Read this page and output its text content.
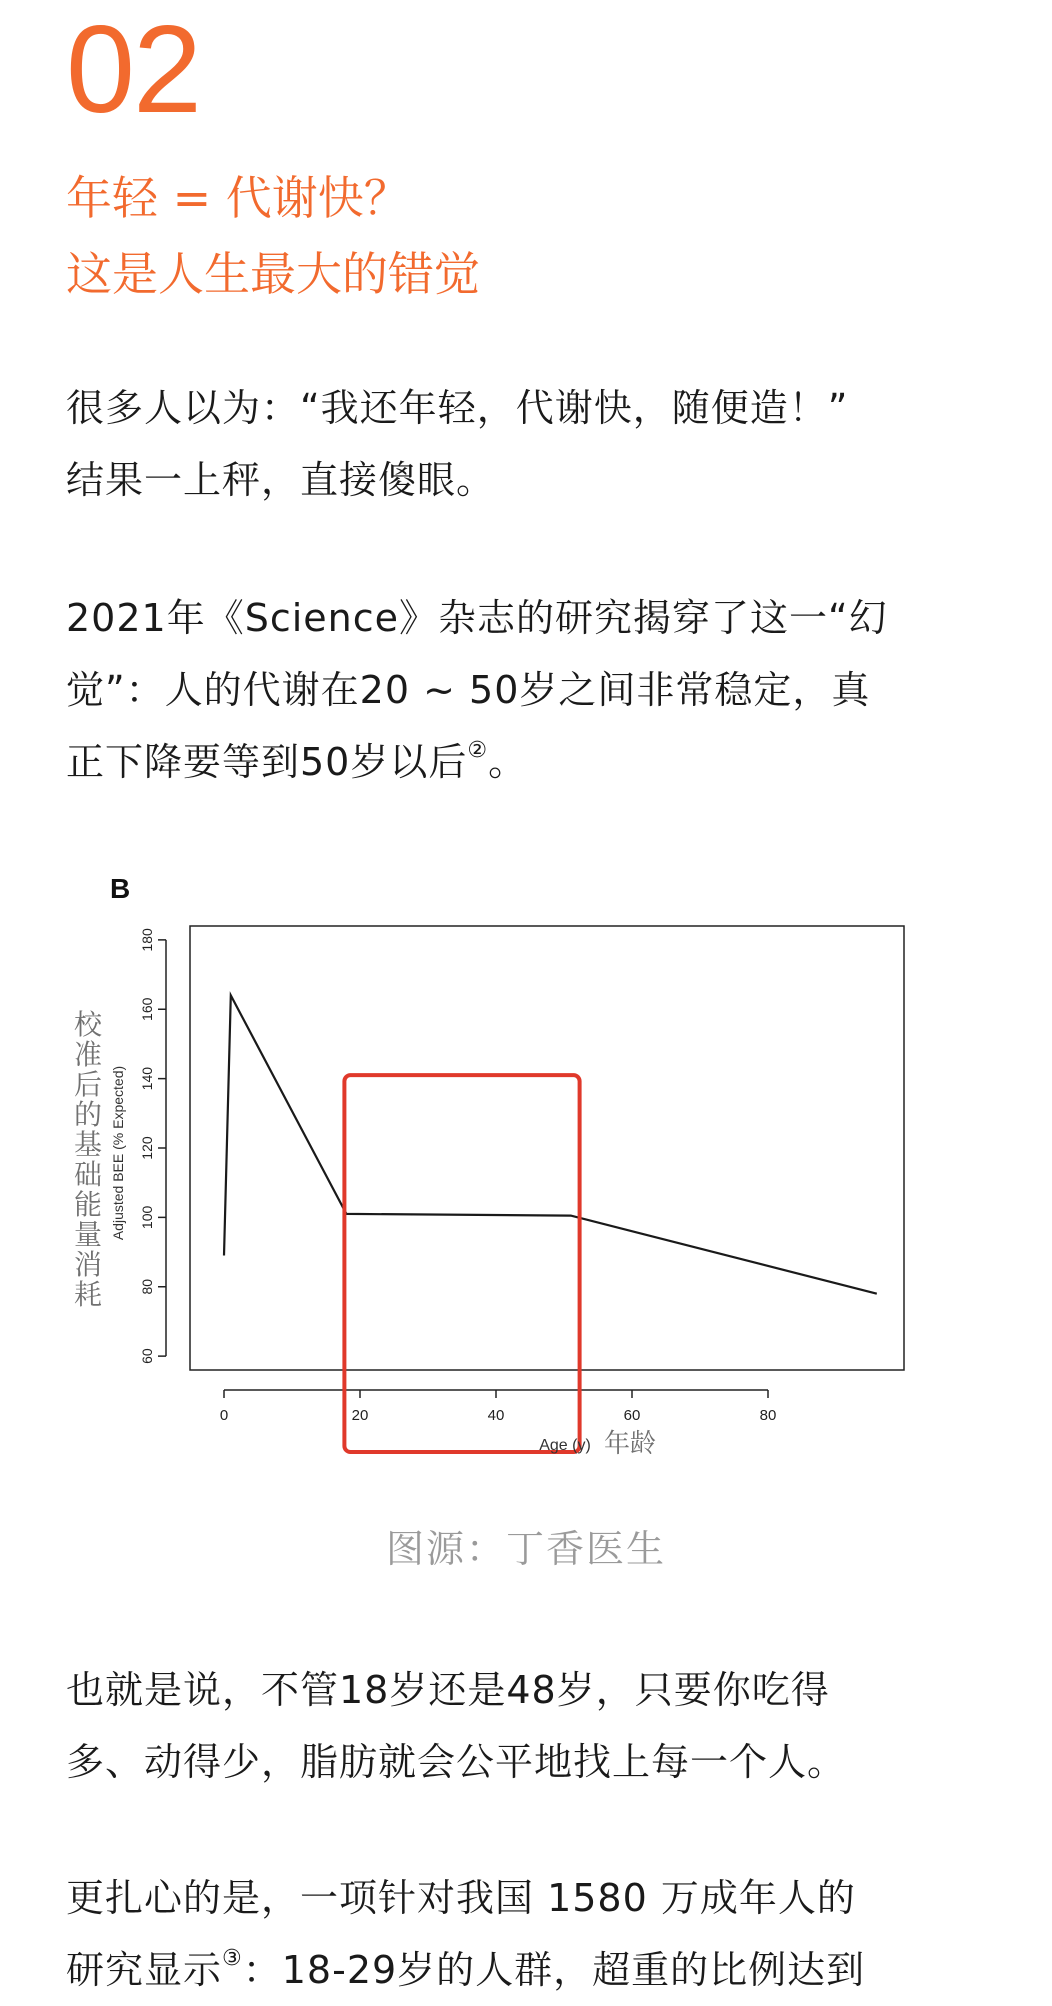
02
年轻 = 代谢快？
这是人生最大的错觉
很多人以为：“我还年轻，代谢快，随便造！”
结果一上秤，直接傻眼。
2021年《Science》杂志的研究揭穿了这一“幻
觉”：人的代谢在20 ~ 50岁之间非常稳定，真
正下降要等到50岁以后②。
B
60
80
100
120
140
160
180
0	20	40	60	80
Adjusted BEE (% Expected)
Age (y) 年龄
校
准
后
的
基
础
能
量
消
耗
图源：丁香医生
也就是说，不管18岁还是48岁，只要你吃得
多、动得少，脂肪就会公平地找上每一个人。
更扎心的是，一项针对我国 1580 万成年人的
研究显示③：18-29岁的人群，超重的比例达到
